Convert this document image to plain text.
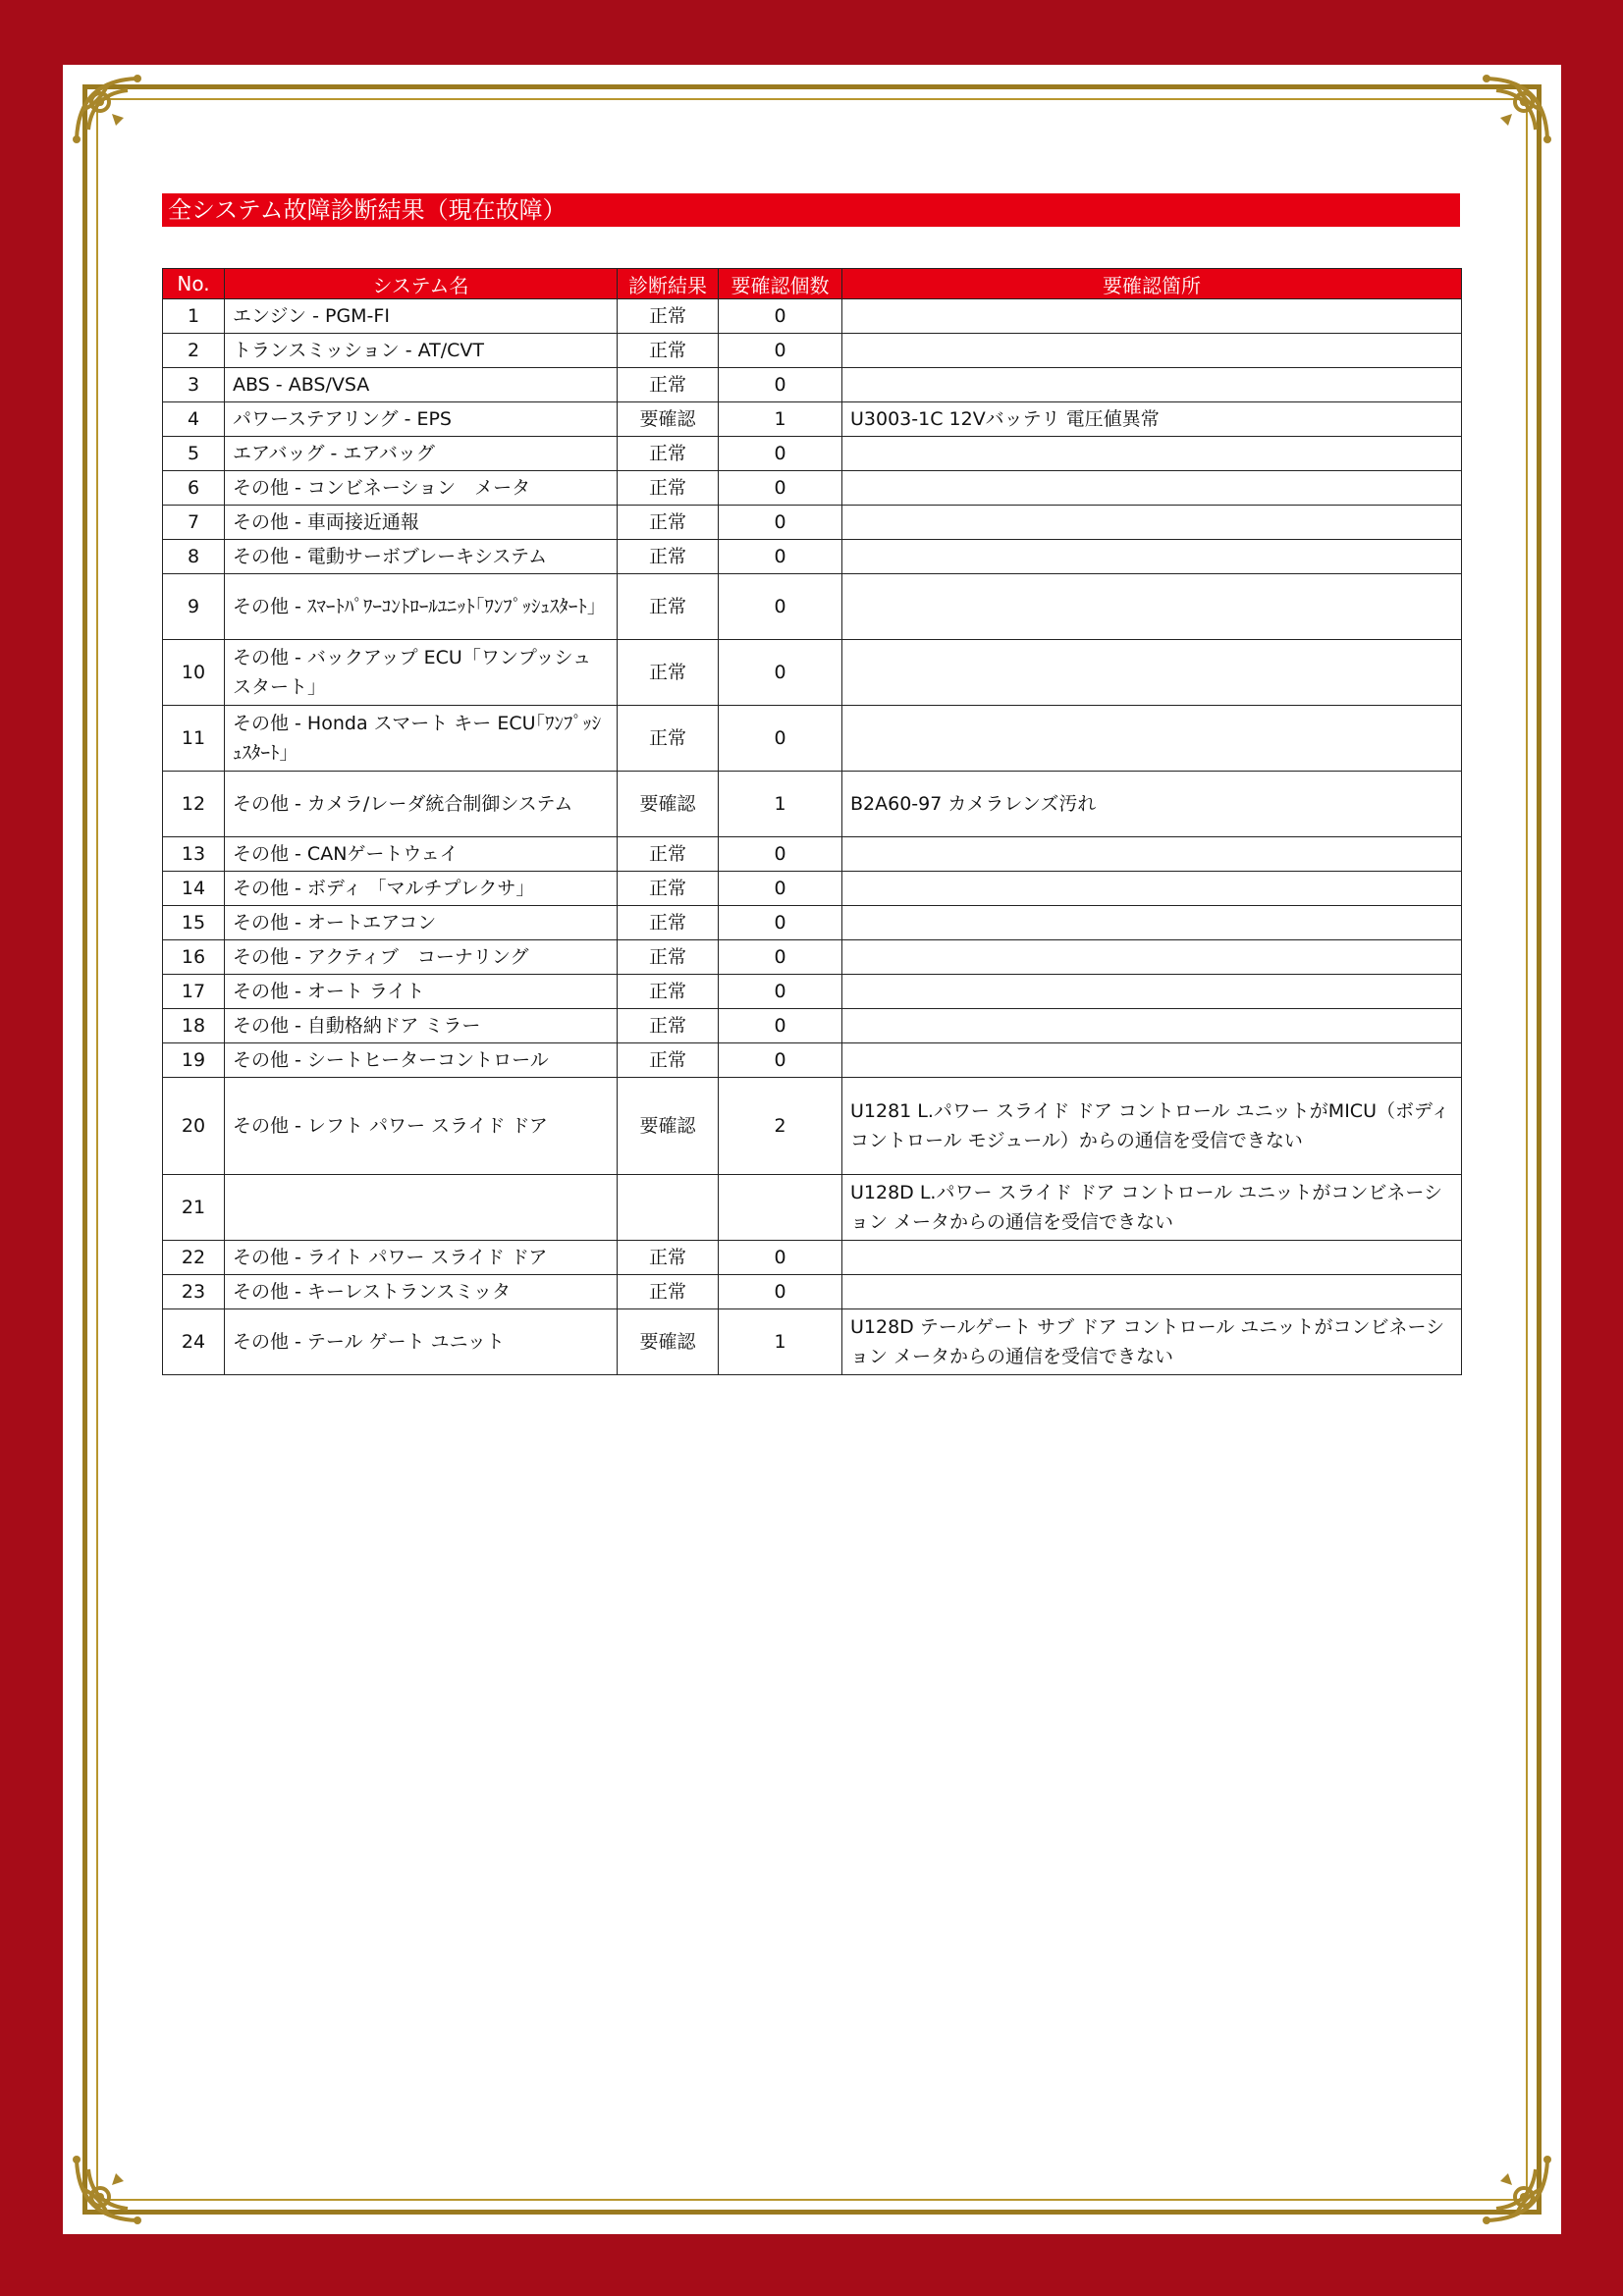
全システム故障診断結果（現在故障）
No.	システム名	診断結果	要確認個数	要確認箇所
1	エンジン - PGM-FI	正常	0	
2	トランスミッション - AT/CVT	正常	0	
3	ABS - ABS/VSA	正常	0	
4	パワーステアリング - EPS	要確認	1	U3003-1C 12Vバッテリ 電圧値異常
5	エアバッグ - エアバッグ	正常	0	
6	その他 - コンビネーション　メータ	正常	0	
7	その他 - 車両接近通報	正常	0	
8	その他 - 電動サーボブレーキシステム	正常	0	
9	その他 - ｽﾏｰﾄﾊﾟﾜｰｺﾝﾄﾛｰﾙﾕﾆｯﾄ｢ﾜﾝﾌﾟｯｼｭｽﾀｰﾄ｣	正常	0	
10	その他 - バックアップ ECU「ワンプッシュスタート」	正常	0	
11	その他 - Honda スマート キー ECU｢ﾜﾝﾌﾟｯｼｭｽﾀｰﾄ｣	正常	0	
12	その他 - カメラ/レーダ統合制御システム	要確認	1	B2A60-97 カメラレンズ汚れ
13	その他 - CANゲートウェイ	正常	0	
14	その他 - ボディ 「マルチプレクサ」	正常	0	
15	その他 - オートエアコン	正常	0	
16	その他 - アクティブ　コーナリング	正常	0	
17	その他 - オート ライト	正常	0	
18	その他 - 自動格納ドア ミラー	正常	0	
19	その他 - シートヒーターコントロール	正常	0	
20	その他 - レフト パワー スライド ドア	要確認	2	U1281 L.パワー スライド ドア コントロール ユニットがMICU（ボディ コントロール モジュール）からの通信を受信できない
21				U128D L.パワー スライド ドア コントロール ユニットがコンビネーション メータからの通信を受信できない
22	その他 - ライト パワー スライド ドア	正常	0	
23	その他 - キーレストランスミッタ	正常	0	
24	その他 - テール ゲート ユニット	要確認	1	U128D テールゲート サブ ドア コントロール ユニットがコンビネーション メータからの通信を受信できない
